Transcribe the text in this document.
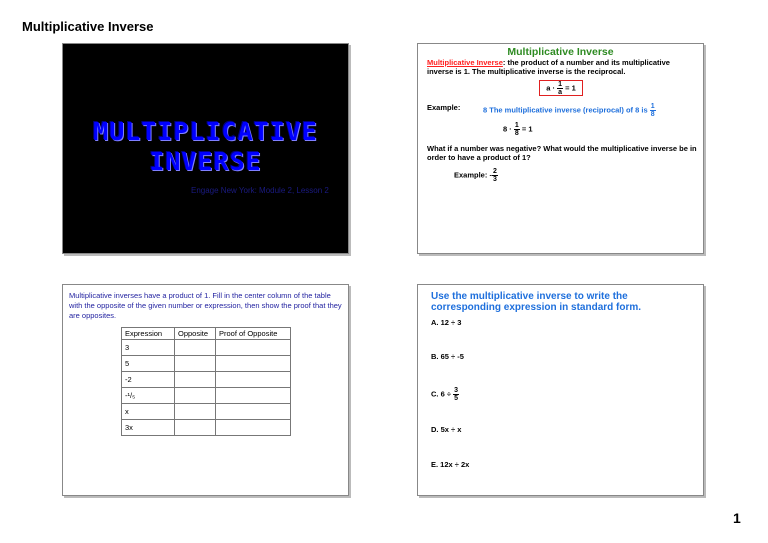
Multiplicative Inverse
MULTIPLICATIVE
INVERSE
Engage New York: Module 2, Lesson 2
Multiplicative Inverse
Multiplicative Inverse: the product of a number and its multiplicative inverse is 1. The multiplicative inverse is the reciprocal.
$a \cdot \frac{1}{a} = 1$
Example:	8 The multiplicative inverse (reciprocal) of 8 is $\frac{1}{8}$
$8 \cdot \frac{1}{8} = 1$
What if a number was negative? What would the multiplicative inverse be in order to have a product of 1?
Example: - $\frac{2}{3}$
Multiplicative inverses have a product of 1. Fill in the center column of the table with the opposite of the given number or expression, then show the proof that they are opposites.
Expression	Opposite	Proof of Opposite
3		
5		
-2		
-¹/₅		
x		
3x		
Use the multiplicative inverse to write the corresponding expression in standard form.
A. 12 ÷ 3
B. 65 ÷ -5
C. $6 \div \frac{3}{5}$
D. 5x ÷ x
E. 12x ÷ 2x
1
